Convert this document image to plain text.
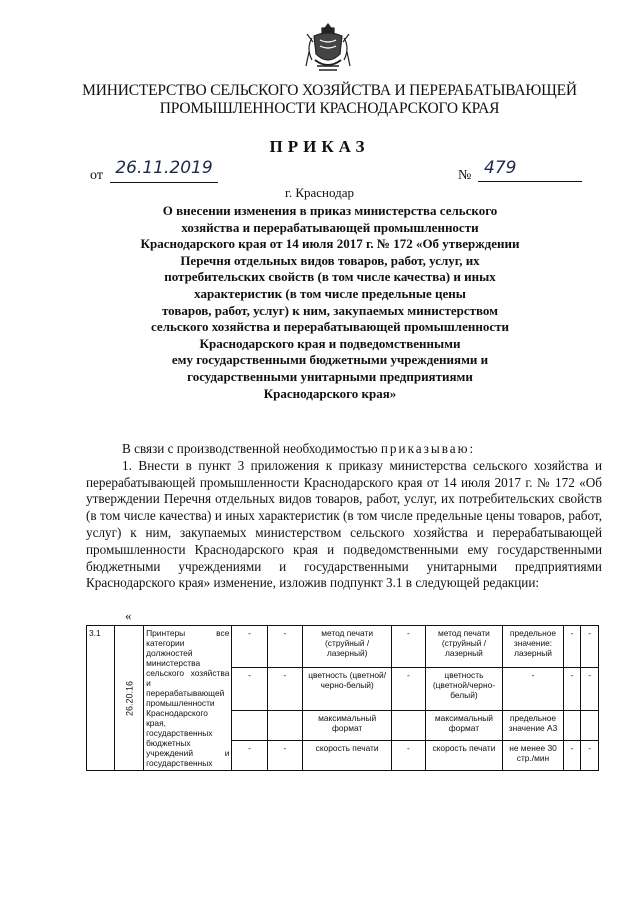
МИНИСТЕРСТВО СЕЛЬСКОГО ХОЗЯЙСТВА И ПЕРЕРАБАТЫВАЮЩЕЙ
ПРОМЫШЛЕННОСТИ КРАСНОДАРСКОГО КРАЯ
ПРИКАЗ
от 26.11.2019	№ 479
г. Краснодар
О внесении изменения в приказ министерства сельского
хозяйства и перерабатывающей промышленности
Краснодарского края от 14 июля 2017 г. № 172 «Об утверждении
Перечня отдельных видов товаров, работ, услуг, их
потребительских свойств (в том числе качества) и иных
характеристик (в том числе предельные цены
товаров, работ, услуг) к ним, закупаемых министерством
сельского хозяйства и перерабатывающей промышленности
Краснодарского края и подведомственными
ему государственными бюджетными учреждениями и
государственными унитарными предприятиями
Краснодарского края»

В связи с производственной необходимостью приказываю:

1. Внести в пункт 3 приложения к приказу министерства сельского хозяйства и перерабатывающей промышленности Краснодарского края от 14 июля 2017 г. № 172 «Об утверждении Перечня отдельных видов товаров, работ, услуг, их потребительских свойств (в том числе качества) и иных характеристик (в том числе предельные цены товаров, работ, услуг) к ним, закупаемых министерством сельского хозяйства и перерабатывающей промышленности Краснодарского края и подведомственными ему государственными бюджетными учреждениями и государственными унитарными предприятиями Краснодарского края» изменение, изложив подпункт 3.1 в следующей редакции:

«
3.1	26.20.16	Принтеры все категории должностей министерства сельского хозяйства и перерабатывающей промышленности Краснодарского края, государственных бюджетных учреждений и государственных	-	-	метод печати (струйный / лазерный)	-	метод печати (струйный / лазерный	предельное значение: лазерный	-	-
			-	-	цветность (цветной/черно-белый)	-	цветность (цветной/черно-белый)	-	-	-
					максимальный формат		максимальный формат	предельное значение А3		
			-	-	скорость печати	-	скорость печати	не менее 30 стр./мин	-	-
